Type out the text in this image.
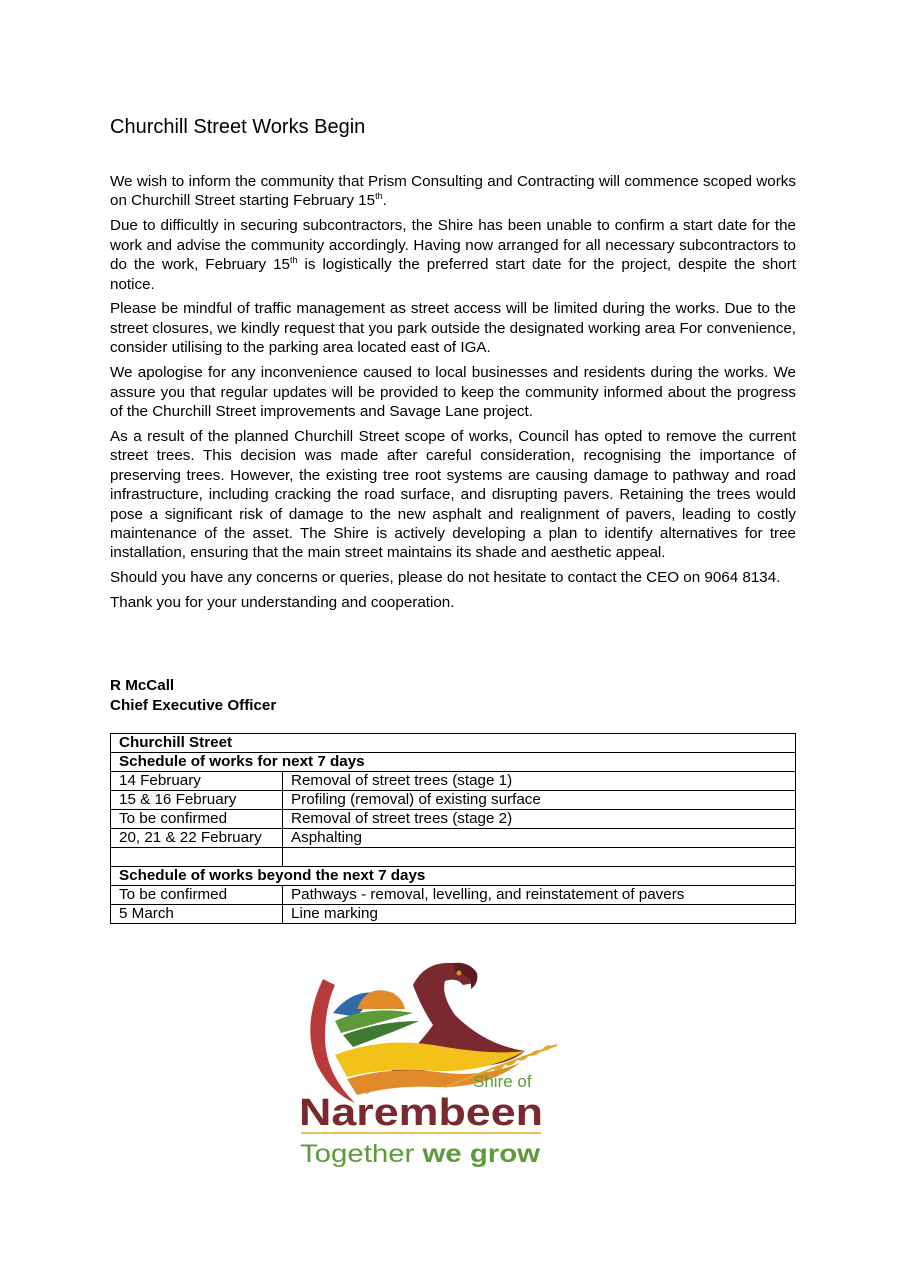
Churchill Street Works Begin

We wish to inform the community that Prism Consulting and Contracting will commence scoped works on Churchill Street starting February 15th.

Due to difficultly in securing subcontractors, the Shire has been unable to confirm a start date for the work and advise the community accordingly. Having now arranged for all necessary subcontractors to do the work, February 15th is logistically the preferred start date for the project, despite the short notice.

Please be mindful of traffic management as street access will be limited during the works. Due to the street closures, we kindly request that you park outside the designated working area For convenience, consider utilising to the parking area located east of IGA.

We apologise for any inconvenience caused to local businesses and residents during the works. We assure you that regular updates will be provided to keep the community informed about the progress of the Churchill Street improvements and Savage Lane project.

As a result of the planned Churchill Street scope of works, Council has opted to remove the current street trees. This decision was made after careful consideration, recognising the importance of preserving trees. However, the existing tree root systems are causing damage to pathway and road infrastructure, including cracking the road surface, and disrupting pavers. Retaining the trees would pose a significant risk of damage to the new asphalt and realignment of pavers, leading to costly maintenance of the asset. The Shire is actively developing a plan to identify alternatives for tree installation, ensuring that the main street maintains its shade and aesthetic appeal.

Should you have any concerns or queries, please do not hesitate to contact the CEO on 9064 8134.

Thank you for your understanding and cooperation.

R McCall
Chief Executive Officer
Churchill Street	
Schedule of works for next 7 days	
14 February	Removal of street trees (stage 1)
15 & 16 February	Profiling (removal) of existing surface
To be confirmed	Removal of street trees (stage 2)
20, 21 & 22 February	Asphalting

Schedule of works beyond the next 7 days	
To be confirmed	Pathways - removal, levelling, and reinstatement of pavers
5 March	Line marking
Shire of
Narembeen
Together we grow
